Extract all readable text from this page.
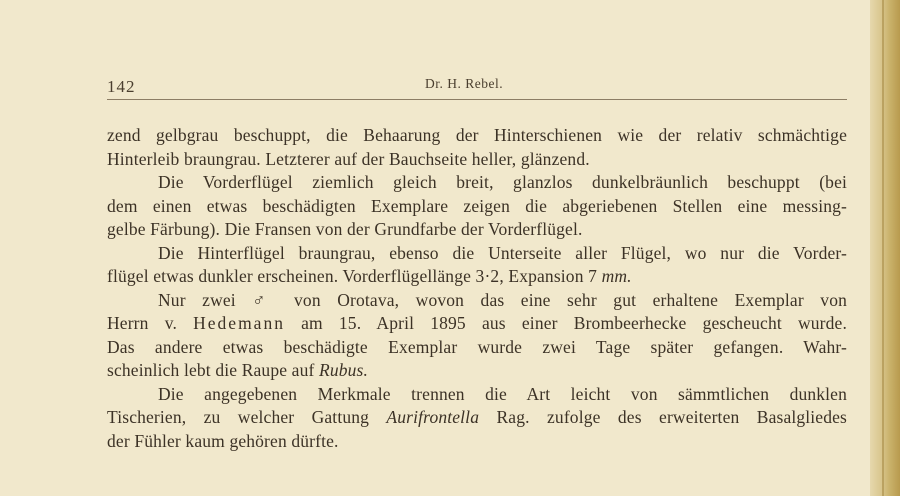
142	Dr. H. Rebel.
zend gelbgrau beschuppt, die Behaarung der Hinterschienen wie der relativ schmächtige
Hinterleib braungrau. Letzterer auf der Bauchseite heller, glänzend.
Die Vorderflügel ziemlich gleich breit, glanzlos dunkelbräunlich beschuppt (bei
dem einen etwas beschädigten Exemplare zeigen die abgeriebenen Stellen eine messing-
gelbe Färbung). Die Fransen von der Grundfarbe der Vorderflügel.
Die Hinterflügel braungrau, ebenso die Unterseite aller Flügel, wo nur die Vorder-
flügel etwas dunkler erscheinen. Vorderflügellänge 3·2, Expansion 7 mm.
Nur zwei ♂ von Orotava, wovon das eine sehr gut erhaltene Exemplar von
Herrn v. Hedemann am 15. April 1895 aus einer Brombeerhecke gescheucht wurde.
Das andere etwas beschädigte Exemplar wurde zwei Tage später gefangen. Wahr-
scheinlich lebt die Raupe auf Rubus.
Die angegebenen Merkmale trennen die Art leicht von sämmtlichen dunklen
Tischerien, zu welcher Gattung Aurifrontella Rag. zufolge des erweiterten Basalgliedes
der Fühler kaum gehören dürfte.
